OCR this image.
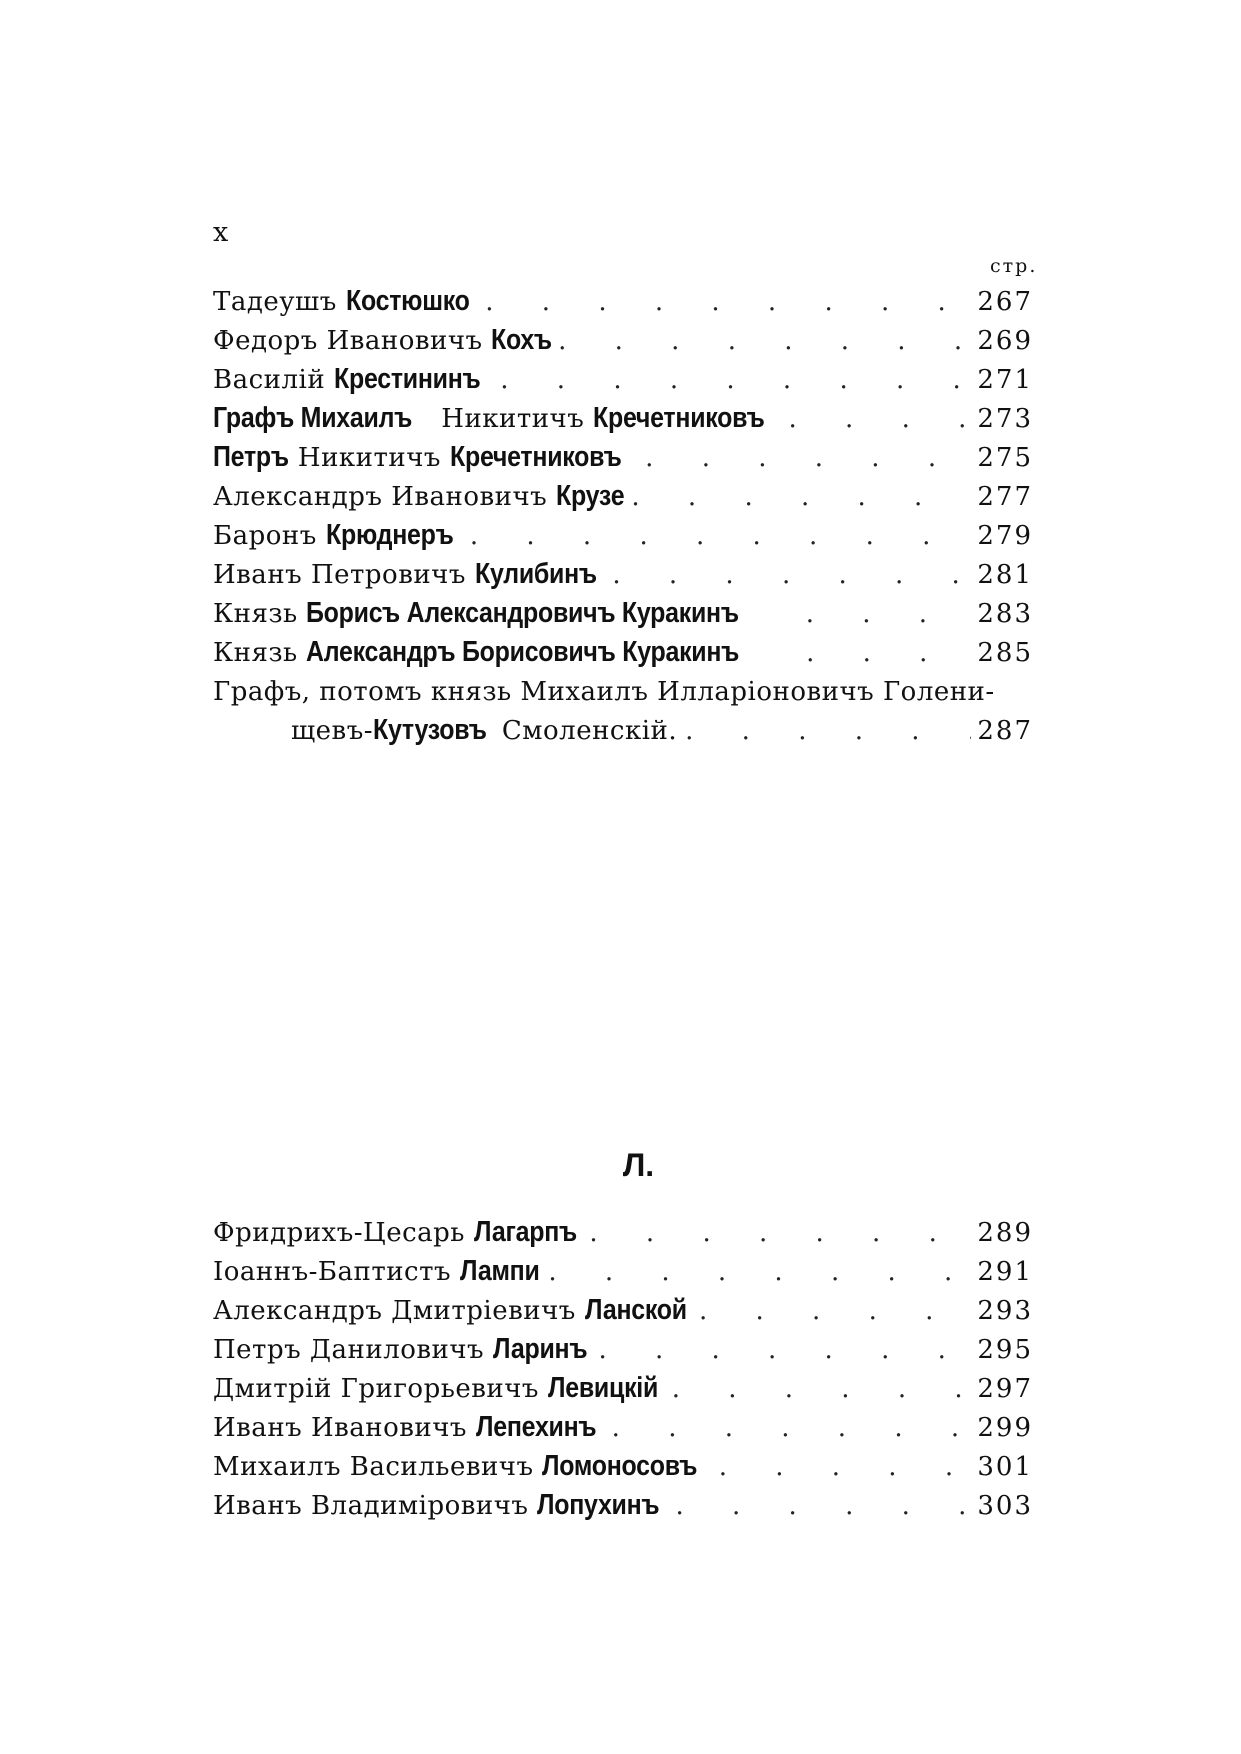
x
стр.
Тадеушъ Костюшко . . .	267
Федоръ Ивановичъ Кохъ . . .	269
Василій Крестининъ . . .	271
Графъ Михаилъ Никитичъ Кречетниковъ . . .	273
Петръ Никитичъ Кречетниковъ . . .	275
Александръ Ивановичъ Крузе . . .	277
Баронъ Крюднеръ . . .	279
Иванъ Петровичъ Кулибинъ . . .	281
Князь Борисъ Александровичъ Куракинъ . . .	283
Князь Александръ Борисовичъ Куракинъ . . .	285
Графъ, потомъ князь Михаилъ Илларіоновичъ Голени-
щевъ-Кутузовъ Смоленскій. . . .	287
Л.
Фридрихъ-Цесарь Лагарпъ . . .	289
Іоаннъ-Баптистъ Лампи . . .	291
Александръ Дмитріевичъ Ланской . . .	293
Петръ Даниловичъ Ларинъ . . .	295
Дмитрій Григорьевичъ Левицкій . . .	297
Иванъ Ивановичъ Лепехинъ . . .	299
Михаилъ Васильевичъ Ломоносовъ . . .	301
Иванъ Владиміровичъ Лопухинъ . . .	303
